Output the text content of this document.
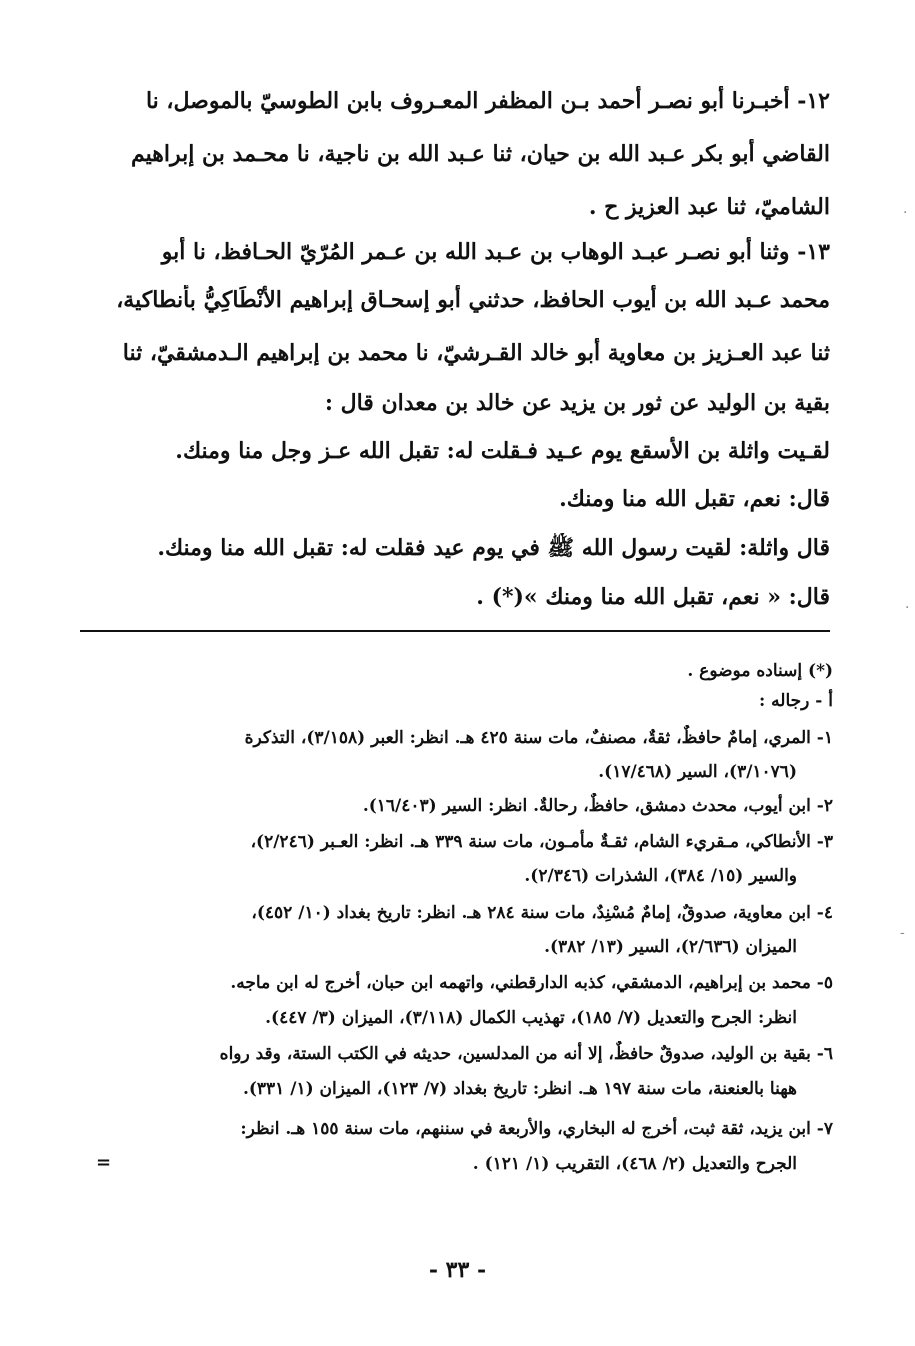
١٢- أخبـرنا أبو نصـر أحمد بـن المظفر المعـروف بابن الطوسيّ بالموصل، نا
القاضي أبو بكر عـبد الله بن حيان، ثنا عـبد الله بن ناجية، نا محـمد بن إبراهيم
الشاميّ، ثنا عبد العزيز ح .
١٣- وثنا أبو نصـر عبـد الوهاب بن عـبد الله بن عـمر المُرّيّ الحـافظ، نا أبو
محمد عـبد الله بن أيوب الحافظ، حدثني أبو إسحـاق إبراهيم الأنْطَاكِيُّ بأنطاكية،
ثنا عبد العـزيز بن معاوية أبو خالد القـرشيّ، نا محمد بن إبراهيم الـدمشقيّ، ثنا
بقية بن الوليد عن ثور بن يزيد عن خالد بن معدان قال :
لقـيت واثلة بن الأسقع يوم عـيد فـقلت له: تقبل الله عـز وجل منا ومنك.
قال: نعم، تقبل الله منا ومنك.
قال واثلة: لقيت رسول الله ﷺ في يوم عيد فقلت له: تقبل الله منا ومنك.
قال: « نعم، تقبل الله منا ومنك »(*) .
(*) إسناده موضوع .
أ - رجاله :
١- المري، إمامٌ حافظٌ، ثقةٌ، مصنفٌ، مات سنة ٤٢٥ هـ. انظر: العبر (٣/١٥٨)، التذكرة
(٣/١٠٧٦)، السير (١٧/٤٦٨).
٢- ابن أيوب، محدث دمشق، حافظٌ، رحالةٌ. انظر: السير (١٦/٤٠٣).
٣- الأنطاكي، مـقريء الشام، ثقـةٌ مأمـون، مات سنة ٣٣٩ هـ. انظر: العـبر (٢/٢٤٦)،
والسير (١٥/ ٣٨٤)، الشذرات (٢/٣٤٦).
٤- ابن معاوية، صدوقٌ، إمامٌ مُسْنِدٌ، مات سنة ٢٨٤ هـ. انظر: تاريخ بغداد (١٠/ ٤٥٢)،
الميزان (٢/٦٣٦)، السير (١٣/ ٣٨٢).
٥- محمد بن إبراهيم، الدمشقي، كذبه الدارقطني، واتهمه ابن حبان، أخرج له ابن ماجه.
انظر: الجرح والتعديل (٧/ ١٨٥)، تهذيب الكمال (٣/١١٨)، الميزان (٣/ ٤٤٧).
٦- بقية بن الوليد، صدوقٌ حافظٌ، إلا أنه من المدلسين، حديثه في الكتب الستة، وقد رواه
ههنا بالعنعنة، مات سنة ١٩٧ هـ. انظر: تاريخ بغداد (٧/ ١٢٣)، الميزان (١/ ٣٣١).
٧- ابن يزيد، ثقة ثبت، أخرج له البخاري، والأربعة في سننهم، مات سنة ١٥٥ هـ. انظر:
الجرح والتعديل (٢/ ٤٦٨)، التقريب (١/ ١٢١) .
=
- ٣٣ -
·
·
-
